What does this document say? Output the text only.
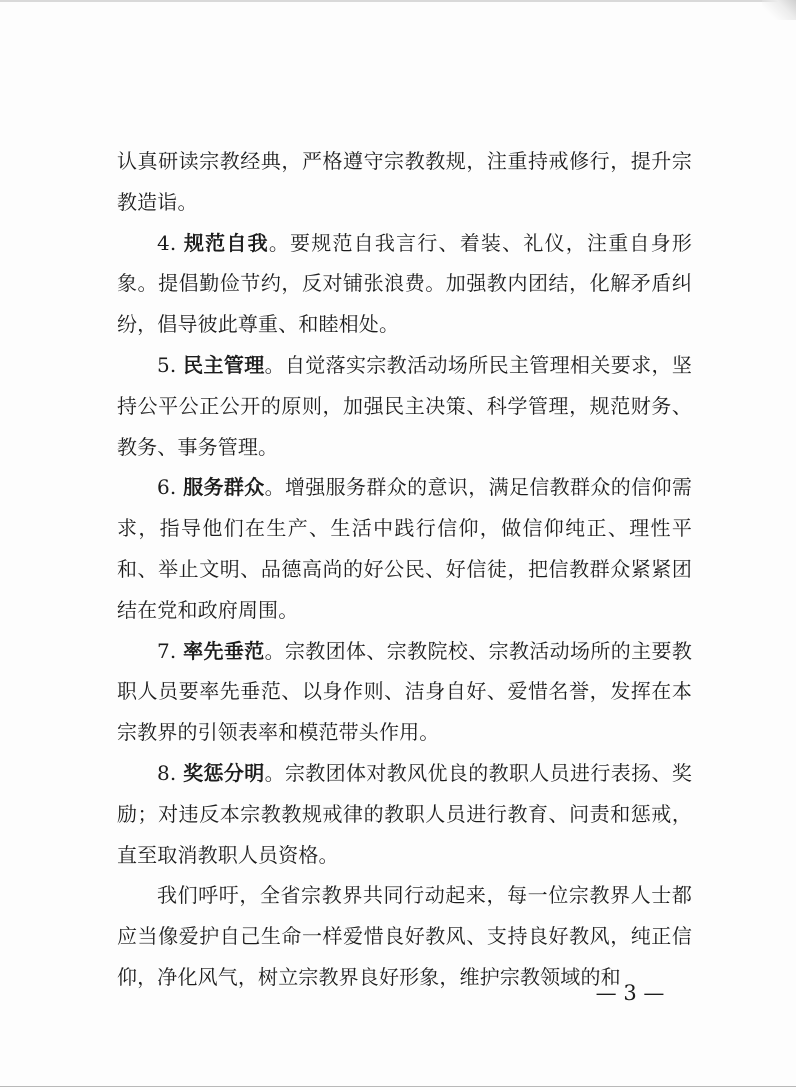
认真研读宗教经典，严格遵守宗教教规，注重持戒修行，提升宗教造诣。

4. 规范自我。要规范自我言行、着装、礼仪，注重自身形象。提倡勤俭节约，反对铺张浪费。加强教内团结，化解矛盾纠纷，倡导彼此尊重、和睦相处。

5. 民主管理。自觉落实宗教活动场所民主管理相关要求，坚持公平公正公开的原则，加强民主决策、科学管理，规范财务、教务、事务管理。

6. 服务群众。增强服务群众的意识，满足信教群众的信仰需求，指导他们在生产、生活中践行信仰，做信仰纯正、理性平和、举止文明、品德高尚的好公民、好信徒，把信教群众紧紧团结在党和政府周围。

7. 率先垂范。宗教团体、宗教院校、宗教活动场所的主要教职人员要率先垂范、以身作则、洁身自好、爱惜名誉，发挥在本宗教界的引领表率和模范带头作用。

8. 奖惩分明。宗教团体对教风优良的教职人员进行表扬、奖励；对违反本宗教教规戒律的教职人员进行教育、问责和惩戒，直至取消教职人员资格。

我们呼吁，全省宗教界共同行动起来，每一位宗教界人士都应当像爱护自己生命一样爱惜良好教风、支持良好教风，纯正信仰，净化风气，树立宗教界良好形象，维护宗教领域的和

— 3 —
